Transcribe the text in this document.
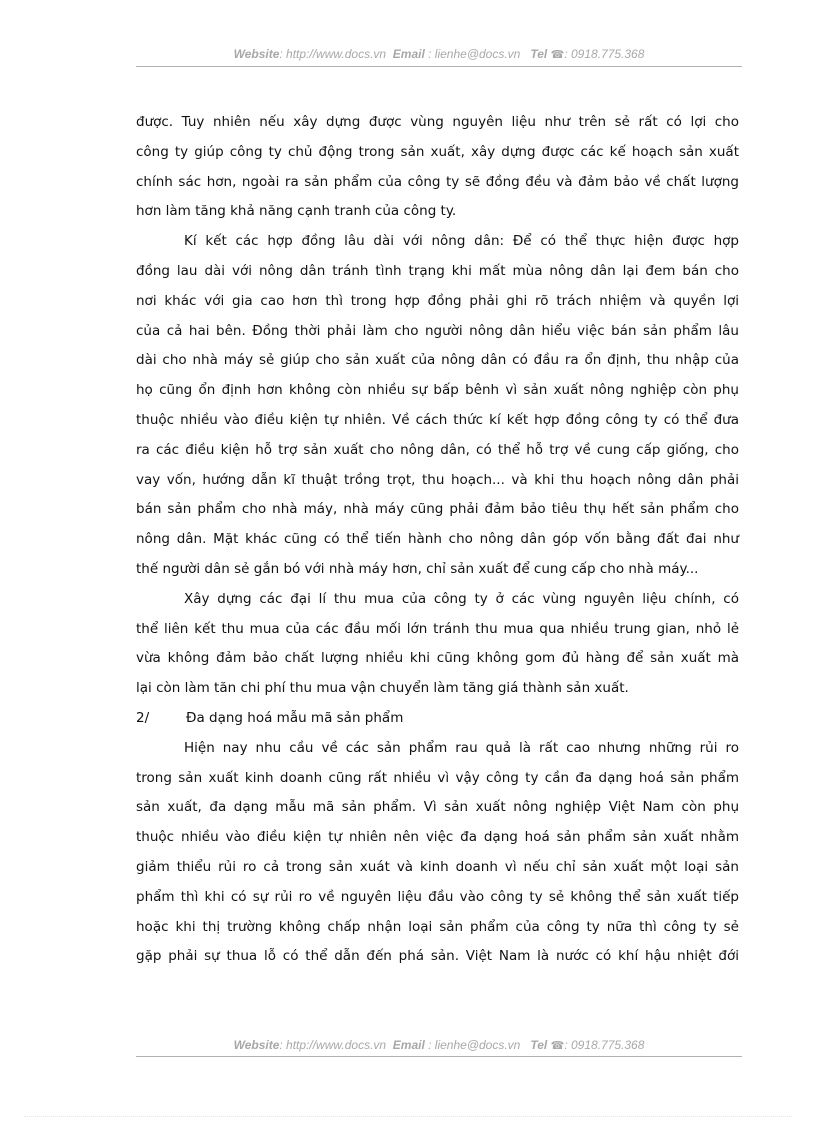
Website: http://www.docs.vn Email : lienhe@docs.vn Tel ☎: 0918.775.368
được. Tuy nhiên nếu xây dựng được vùng nguyên liệu như trên sẻ rất có lợi cho
công ty giúp công ty chủ động trong sản xuất, xây dựng được các kế hoạch sản xuất
chính sác hơn, ngoài ra sản phẩm của công ty sẽ đồng đều và đảm bảo về chất lượng
hơn làm tăng khả năng cạnh tranh của công ty.
Kí kết các hợp đồng lâu dài với nông dân: Để có thể thực hiện được hợp
đồng lau dài với nông dân tránh tình trạng khi mất mùa nông dân lại đem bán cho
nơi khác với gia cao hơn thì trong hợp đồng phải ghi rõ trách nhiệm và quyền lợi
của cả hai bên. Đồng thời phải làm cho người nông dân hiểu việc bán sản phẩm lâu
dài cho nhà máy sẻ giúp cho sản xuất của nông dân có đầu ra ổn định, thu nhập của
họ cũng ổn định hơn không còn nhiều sự bấp bênh vì sản xuất nông nghiệp còn phụ
thuộc nhiều vào điều kiện tự nhiên. Về cách thức kí kết hợp đồng công ty có thể đưa
ra các điều kiện hỗ trợ sản xuất cho nông dân, có thể hỗ trợ về cung cấp giống, cho
vay vốn, hướng dẫn kĩ thuật trồng trọt, thu hoạch... và khi thu hoạch nông dân phải
bán sản phẩm cho nhà máy, nhà máy cũng phải đảm bảo tiêu thụ hết sản phẩm cho
nông dân. Mặt khác cũng có thể tiến hành cho nông dân góp vốn bằng đất đai như
thế người dân sẻ gắn bó với nhà máy hơn, chỉ sản xuất để cung cấp cho nhà máy...
Xây dựng các đại lí thu mua của công ty ở các vùng nguyên liệu chính, có
thể liên kết thu mua của các đầu mối lớn tránh thu mua qua nhiều trung gian, nhỏ lẻ
vừa không đảm bảo chất lượng nhiều khi cũng không gom đủ hàng để sản xuất mà
lại còn làm tăn chi phí thu mua vận chuyển làm tăng giá thành sản xuất.
2/	Đa dạng hoá mẫu mã sản phẩm
Hiện nay nhu cầu về các sản phẩm rau quả là rất cao nhưng những rủi ro
trong sản xuất kinh doanh cũng rất nhiều vì vậy công ty cần đa dạng hoá sản phẩm
sản xuất, đa dạng mẫu mã sản phẩm. Vì sản xuất nông nghiệp Việt Nam còn phụ
thuộc nhiều vào điều kiện tự nhiên nên việc đa dạng hoá sản phẩm sản xuất nhằm
giảm thiểu rủi ro cả trong sản xuát và kinh doanh vì nếu chỉ sản xuất một loại sản
phẩm thì khi có sự rủi ro về nguyên liệu đầu vào công ty sẻ không thể sản xuất tiếp
hoặc khi thị trường không chấp nhận loại sản phẩm của công ty nữa thì công ty sẻ
gặp phải sự thua lỗ có thể dẫn đến phá sản. Việt Nam là nước có khí hậu nhiệt đới
Website: http://www.docs.vn Email : lienhe@docs.vn Tel ☎: 0918.775.368
